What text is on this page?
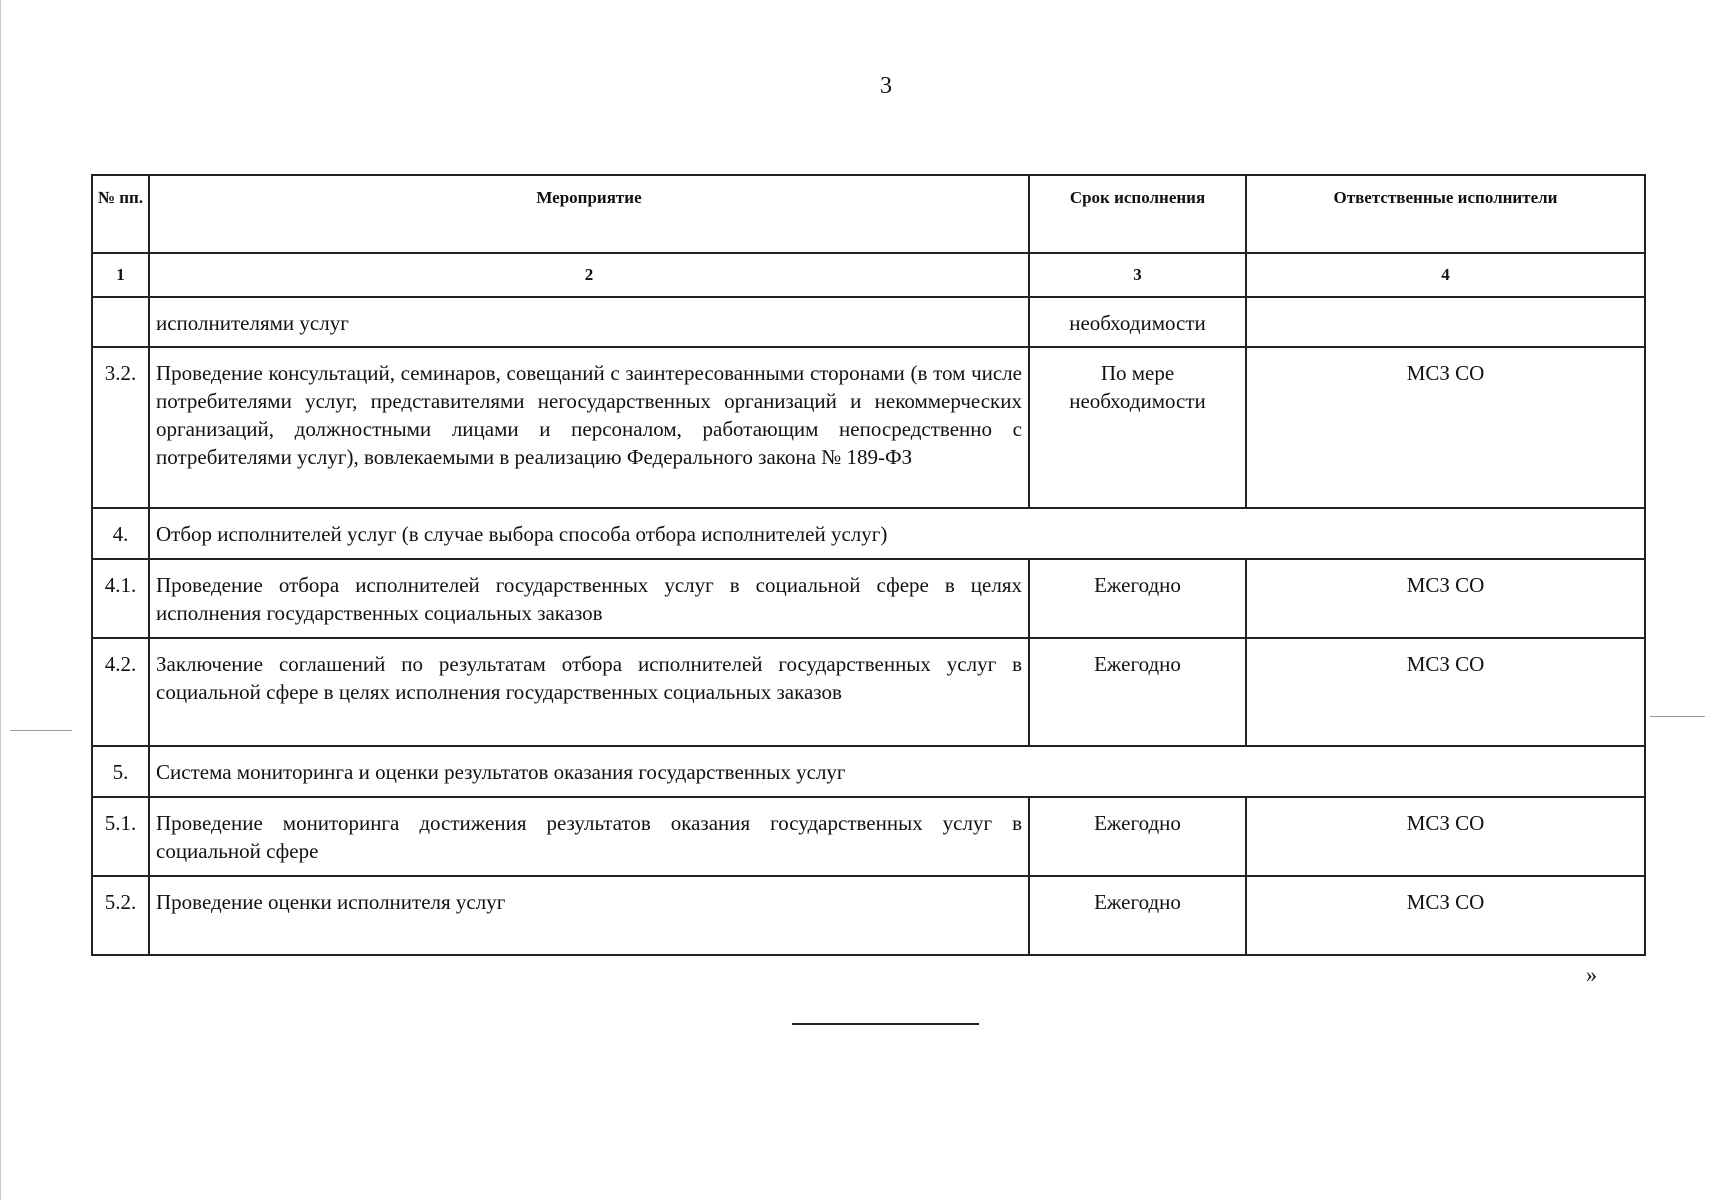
3
№ пп.	Мероприятие	Срок исполнения	Ответственные исполнители
1	2	3	4
	исполнителями услуг	необходимости	
3.2.	Проведение консультаций, семинаров, совещаний с заинтересованными сторонами (в том числе потребителями услуг, представителями негосударственных организаций и некоммерческих организаций, должностными лицами и персоналом, работающим непосредственно с потребителями услуг), вовлекаемыми в реализацию Федерального закона № 189-ФЗ	По мере необходимости	МСЗ СО
4.	Отбор исполнителей услуг (в случае выбора способа отбора исполнителей услуг)		
4.1.	Проведение отбора исполнителей государственных услуг в социальной сфере в целях исполнения государственных социальных заказов	Ежегодно	МСЗ СО
4.2.	Заключение соглашений по результатам отбора исполнителей государственных услуг в социальной сфере в целях исполнения государственных социальных заказов	Ежегодно	МСЗ СО
5.	Система мониторинга и оценки результатов оказания государственных услуг		
5.1.	Проведение мониторинга достижения результатов оказания государственных услуг в социальной сфере	Ежегодно	МСЗ СО
5.2.	Проведение оценки исполнителя услуг	Ежегодно	МСЗ СО
»
